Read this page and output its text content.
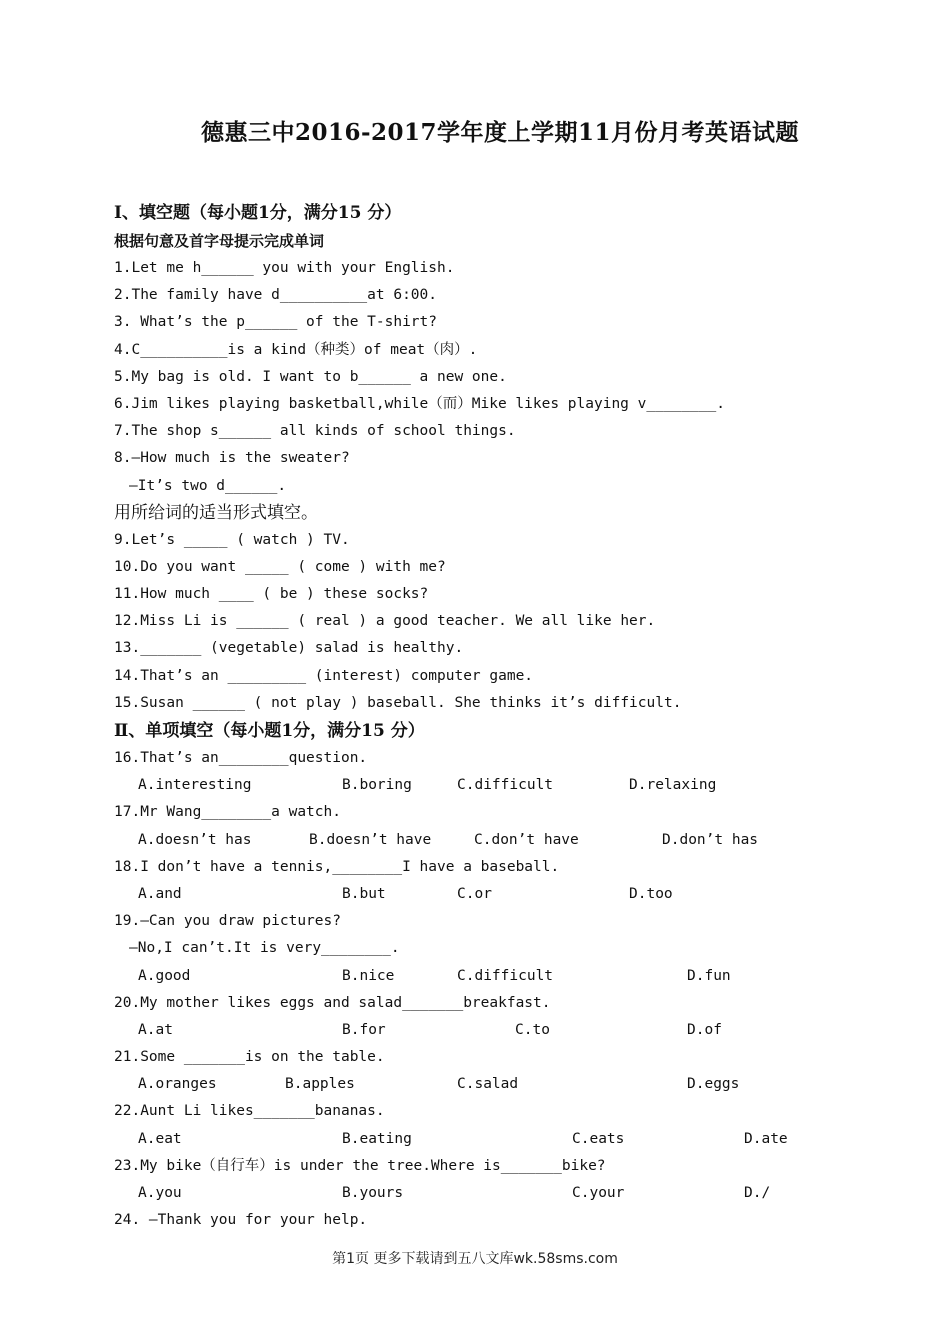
德惠三中2016-2017学年度上学期11月份月考英语试题
Ⅰ、填空题（每小题1分，满分15 分）
根据句意及首字母提示完成单词
1.Let me h______ you with your English.
2.The family have d__________at 6:00.
3. What’s the p______ of the T-shirt?
4.C__________is a kind（种类）of meat（肉）.
5.My bag is old. I want to b______ a new one.
6.Jim likes playing basketball,while（而）Mike likes playing v________.
7.The shop s______ all kinds of school things.
8.—How much is the sweater?
—It’s two d______.
用所给词的适当形式填空。
9.Let’s _____ ( watch ) TV.
10.Do you want _____ ( come ) with me?
11.How much ____ ( be ) these socks?
12.Miss Li is ______ ( real ) a good teacher. We all like her.
13._______ (vegetable) salad is healthy.
14.That’s an _________ (interest) computer game.
15.Susan ______ ( not play ) baseball. She thinks it’s difficult.
Ⅱ、单项填空（每小题1分，满分15 分）
16.That’s an________question.

A.interesting

	B.boring

	C.difficult

	D.relaxing

17.Mr Wang________a watch.

A.doesn’t has

	B.doesn’t have

	C.don’t have

	D.don’t has

18.I don’t have a tennis,________I have a baseball.

A.and

	B.but

	C.or

	D.too

19.—Can you draw pictures?
—No,I can’t.It is very________.

A.good

	B.nice

	C.difficult

	D.fun

20.My mother likes eggs and salad_______breakfast.

A.at

	B.for

	C.to

	D.of

21.Some _______is on the table.

A.oranges

	B.apples

	C.salad

	D.eggs

22.Aunt Li likes_______bananas.

A.eat

	B.eating

	C.eats

	D.ate

23.My bike（自行车）is under the tree.Where is_______bike?

A.you

	B.yours

	C.your

	D./

24. —Thank you for your help.
第1页 更多下载请到五八文库wk.58sms.com
